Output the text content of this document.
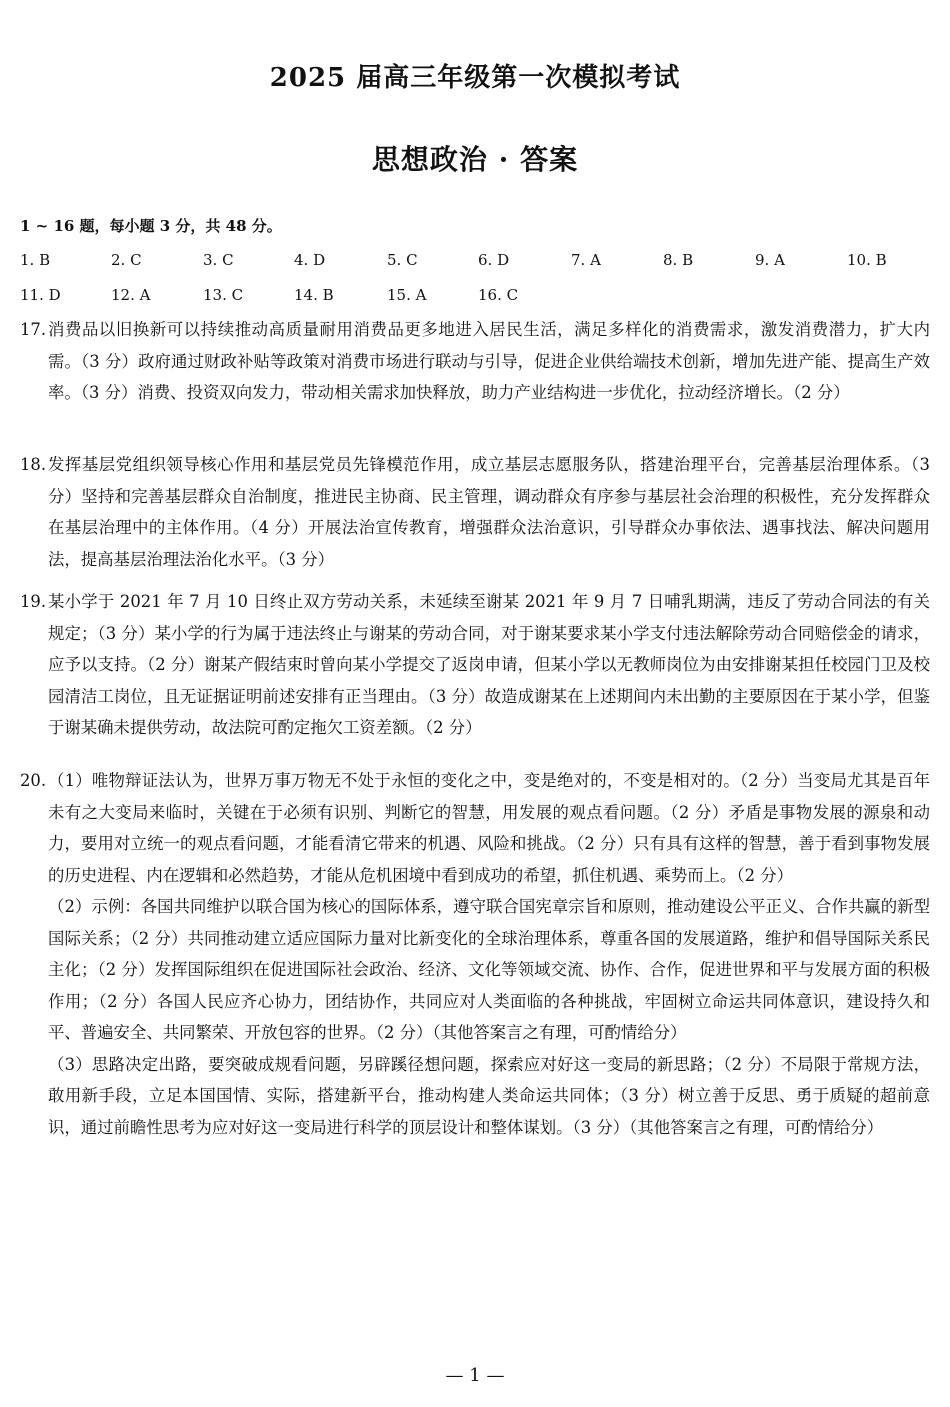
2025 届高三年级第一次模拟考试
思想政治 · 答案
1 ~ 16 题，每小题 3 分，共 48 分。
1. B	2. C	3. C	4. D	5. C	6. D	7. A	8. B	9. A	10. B
11. D	12. A	13. C	14. B	15. A	16. C
17. 消费品以旧换新可以持续推动高质量耐用消费品更多地进入居民生活，满足多样化的消费需求，激发消费潜力，扩大内需。（3 分）政府通过财政补贴等政策对消费市场进行联动与引导，促进企业供给端技术创新，增加先进产能、提高生产效率。（3 分）消费、投资双向发力，带动相关需求加快释放，助力产业结构进一步优化，拉动经济增长。（2 分）
18. 发挥基层党组织领导核心作用和基层党员先锋模范作用，成立基层志愿服务队，搭建治理平台，完善基层治理体系。（3 分）坚持和完善基层群众自治制度，推进民主协商、民主管理，调动群众有序参与基层社会治理的积极性，充分发挥群众在基层治理中的主体作用。（4 分）开展法治宣传教育，增强群众法治意识，引导群众办事依法、遇事找法、解决问题用法，提高基层治理法治化水平。（3 分）
19. 某小学于 2021 年 7 月 10 日终止双方劳动关系，未延续至谢某 2021 年 9 月 7 日哺乳期满，违反了劳动合同法的有关规定；（3 分）某小学的行为属于违法终止与谢某的劳动合同，对于谢某要求某小学支付违法解除劳动合同赔偿金的请求，应予以支持。（2 分）谢某产假结束时曾向某小学提交了返岗申请，但某小学以无教师岗位为由安排谢某担任校园门卫及校园清洁工岗位，且无证据证明前述安排有正当理由。（3 分）故造成谢某在上述期间内未出勤的主要原因在于某小学，但鉴于谢某确未提供劳动，故法院可酌定拖欠工资差额。（2 分）
20. （1）唯物辩证法认为，世界万事万物无不处于永恒的变化之中，变是绝对的，不变是相对的。（2 分）当变局尤其是百年未有之大变局来临时，关键在于必须有识别、判断它的智慧，用发展的观点看问题。（2 分）矛盾是事物发展的源泉和动力，要用对立统一的观点看问题，才能看清它带来的机遇、风险和挑战。（2 分）只有具有这样的智慧，善于看到事物发展的历史进程、内在逻辑和必然趋势，才能从危机困境中看到成功的希望，抓住机遇、乘势而上。（2 分）
（2）示例：各国共同维护以联合国为核心的国际体系，遵守联合国宪章宗旨和原则，推动建设公平正义、合作共赢的新型国际关系；（2 分）共同推动建立适应国际力量对比新变化的全球治理体系，尊重各国的发展道路，维护和倡导国际关系民主化；（2 分）发挥国际组织在促进国际社会政治、经济、文化等领域交流、协作、合作，促进世界和平与发展方面的积极作用；（2 分）各国人民应齐心协力，团结协作，共同应对人类面临的各种挑战，牢固树立命运共同体意识，建设持久和平、普遍安全、共同繁荣、开放包容的世界。（2 分）（其他答案言之有理，可酌情给分）
（3）思路决定出路，要突破成规看问题，另辟蹊径想问题，探索应对好这一变局的新思路；（2 分）不局限于常规方法，敢用新手段，立足本国国情、实际，搭建新平台，推动构建人类命运共同体；（3 分）树立善于反思、勇于质疑的超前意识，通过前瞻性思考为应对好这一变局进行科学的顶层设计和整体谋划。（3 分）（其他答案言之有理，可酌情给分）
— 1 —
